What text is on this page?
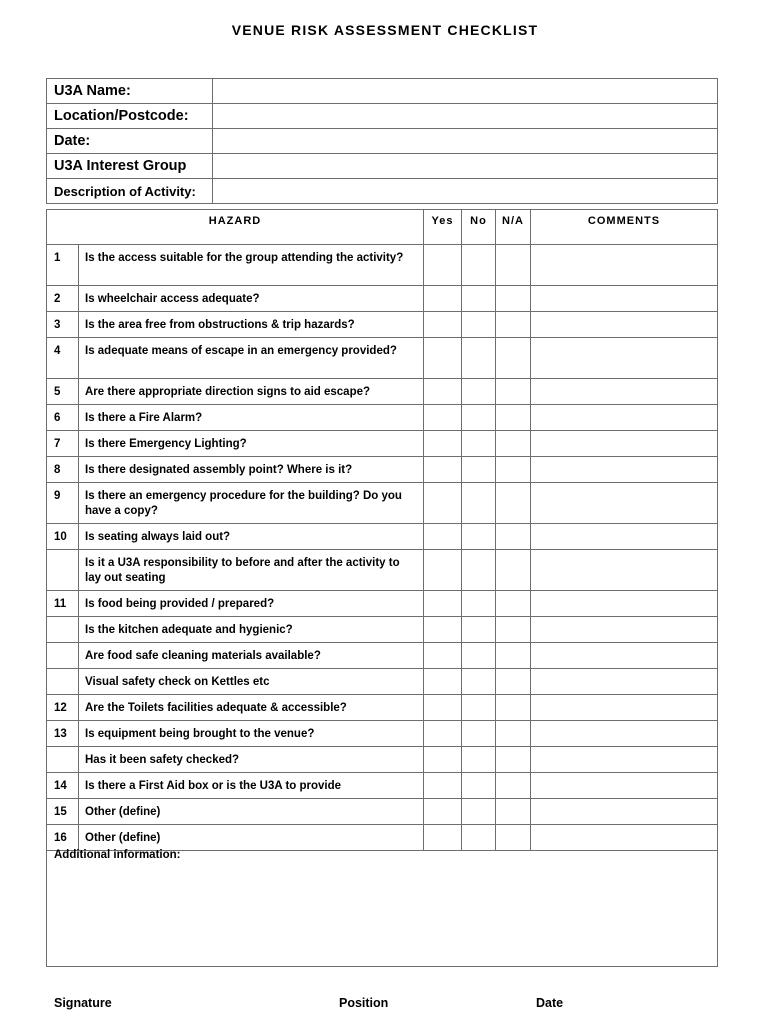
VENUE RISK ASSESSMENT CHECKLIST
U3A Name:	
Location/Postcode:	
Date:	
U3A Interest Group	
Description of Activity:	
HAZARD		Yes	No	N/A	COMMENTS
1	Is the access suitable for the group attending the activity?				
2	Is wheelchair access adequate?				
3	Is the area free from obstructions & trip hazards?				
4	Is adequate means of escape in an emergency provided?				
5	Are there appropriate direction signs to aid escape?				
6	Is there a Fire Alarm?				
7	Is there Emergency Lighting?				
8	Is there designated assembly point? Where is it?				
9	Is there an emergency procedure for the building? Do you have a copy?				
10	Is seating always laid out?				
	Is it a U3A responsibility to before and after the activity to lay out seating				
11	Is food being provided / prepared?				
	Is the kitchen adequate and hygienic?				
	Are food safe cleaning materials available?				
	Visual safety check on Kettles etc				
12	Are the Toilets facilities adequate & accessible?				
13	Is equipment being brought to the venue?				
	Has it been safety checked?				
14	Is there a First Aid box or is the U3A to provide				
15	Other (define)				
16	Other (define)				
Additional information:
Signature	Position	Date
